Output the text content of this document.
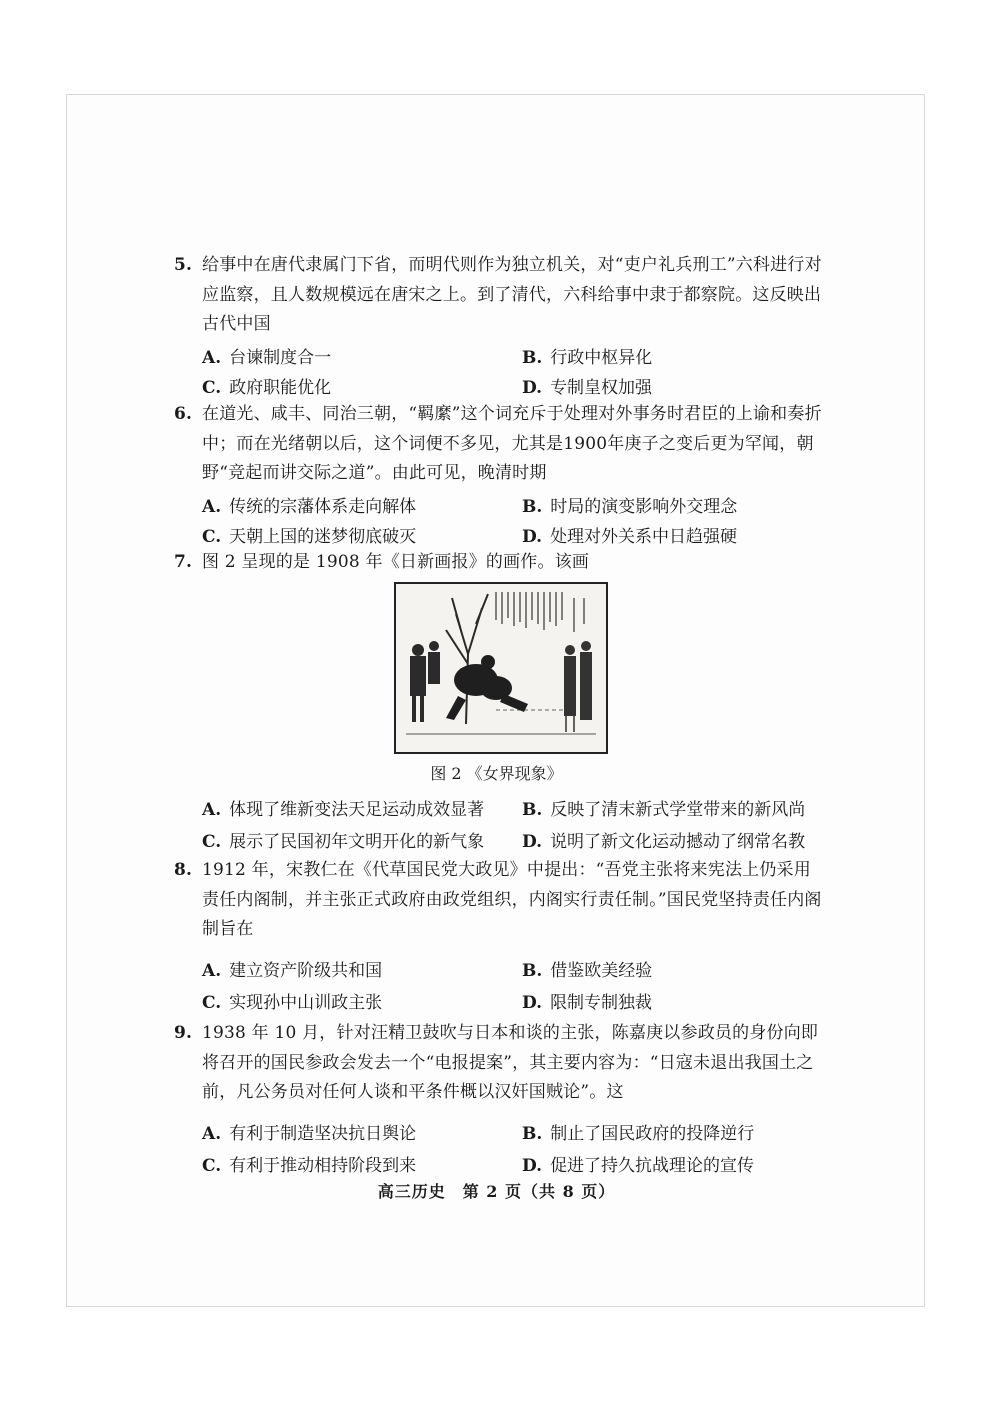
5. 给事中在唐代隶属门下省，而明代则作为独立机关，对“吏户礼兵刑工”六科进行对应监察，且人数规模远在唐宋之上。到了清代，六科给事中隶于都察院。这反映出古代中国
A. 台谏制度合一	B. 行政中枢异化
C. 政府职能优化	D. 专制皇权加强
6. 在道光、咸丰、同治三朝，“羁縻”这个词充斥于处理对外事务时君臣的上谕和奏折中；而在光绪朝以后，这个词便不多见，尤其是1900年庚子之变后更为罕闻，朝野“竞起而讲交际之道”。由此可见，晚清时期
A. 传统的宗藩体系走向解体	B. 时局的演变影响外交理念
C. 天朝上国的迷梦彻底破灭	D. 处理对外关系中日趋强硬
7. 图 2 呈现的是 1908 年《日新画报》的画作。该画
图 2 《女界现象》
A. 体现了维新变法天足运动成效显著 B. 反映了清末新式学堂带来的新风尚
C. 展示了民国初年文明开化的新气象 D. 说明了新文化运动撼动了纲常名教
8. 1912 年，宋教仁在《代草国民党大政见》中提出：“吾党主张将来宪法上仍采用责任内阁制，并主张正式政府由政党组织，内阁实行责任制。”国民党坚持责任内阁制旨在
A. 建立资产阶级共和国	B. 借鉴欧美经验
C. 实现孙中山训政主张	D. 限制专制独裁
9. 1938 年 10 月，针对汪精卫鼓吹与日本和谈的主张，陈嘉庚以参政员的身份向即将召开的国民参政会发去一个“电报提案”，其主要内容为：“日寇未退出我国土之前，凡公务员对任何人谈和平条件概以汉奸国贼论”。这
A. 有利于制造坚决抗日舆论	B. 制止了国民政府的投降逆行
C. 有利于推动相持阶段到来	D. 促进了持久抗战理论的宣传
高三历史　第 2 页（共 8 页）
